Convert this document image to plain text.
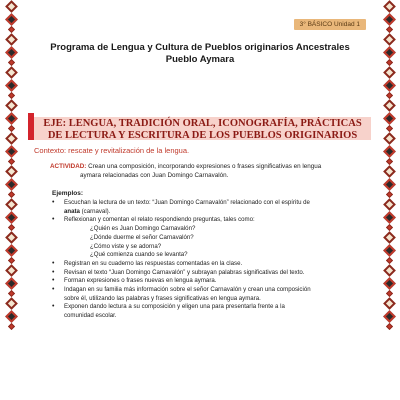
3° BÁSICO Unidad 1
Programa de Lengua y Cultura de Pueblos originarios Ancestrales
Pueblo Aymara
EJE: LENGUA, TRADICIÓN ORAL, ICONOGRAFÍA, PRÁCTICAS
DE LECTURA Y ESCRITURA DE LOS PUEBLOS ORIGINARIOS
Contexto: rescate y revitalización de la lengua.
ACTIVIDAD: Crean una composición, incorporando expresiones o frases significativas en lengua
aymara relacionadas con Juan Domingo Carnavalón.
Ejemplos:
• Escuchan la lectura de un texto: “Juan Domingo Carnavalón” relacionado con el espíritu de
anata (carnaval).
• Reflexionan y comentan el relato respondiendo preguntas, tales como:
¿Quién es Juan Domingo Carnavalón?
¿Dónde duerme el señor Carnavalón?
¿Cómo viste y se adorna?
¿Qué comienza cuando se levanta?
• Registran en su cuaderno las respuestas comentadas en la clase.
• Revisan el texto “Juan Domingo Carnavalón” y subrayan palabras significativas del texto.
• Forman expresiones o frases nuevas en lengua aymara.
• Indagan en su familia más información sobre el señor Carnavalón y crean una composición
sobre él, utilizando las palabras y frases significativas en lengua aymara.
• Exponen dando lectura a su composición y eligen una para presentarla frente a la
comunidad escolar.
